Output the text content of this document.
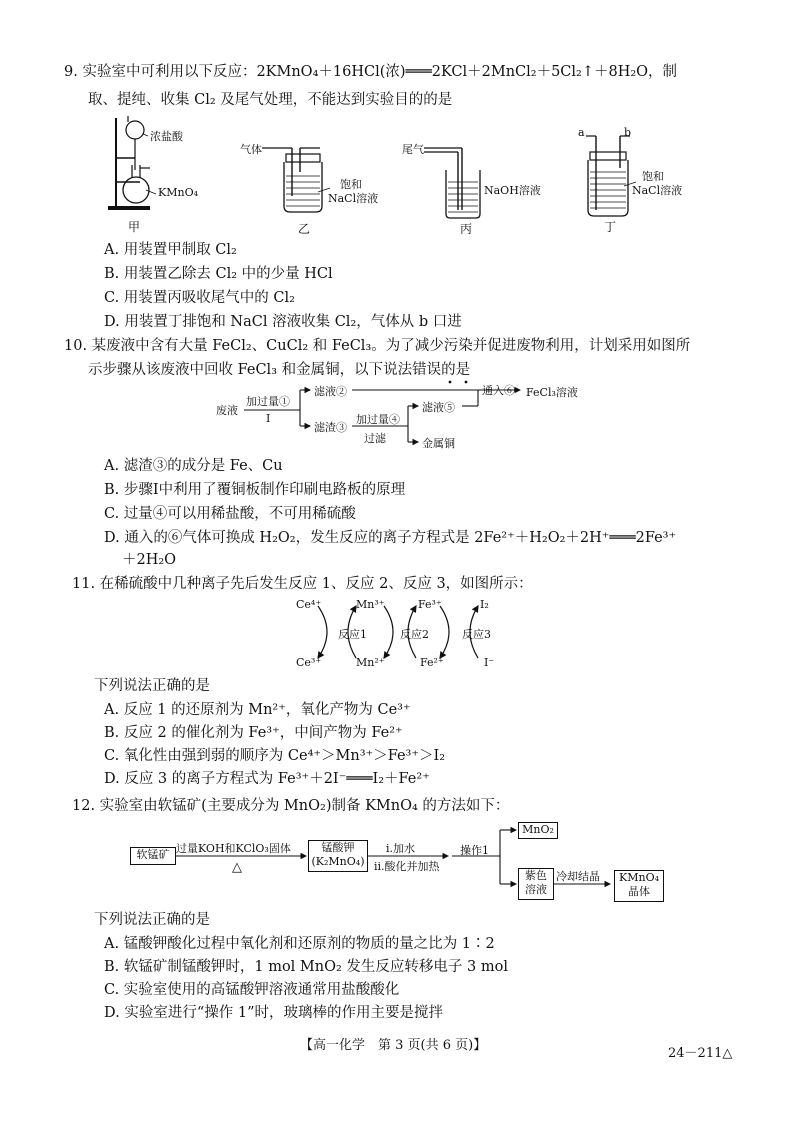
9. 实验室中可利用以下反应：2KMnO₄＋16HCl(浓)═══2KCl＋2MnCl₂＋5Cl₂↑＋8H₂O，制
取、提纯、收集 Cl₂ 及尾气处理，不能达到实验目的的是
浓盐酸
KMnO₄
甲
气体
饱和
NaCl溶液
乙
尾气
NaOH溶液
丙
a	b
饱和
NaCl溶液
丁
A. 用装置甲制取 Cl₂
B. 用装置乙除去 Cl₂ 中的少量 HCl
C. 用装置丙吸收尾气中的 Cl₂
D. 用装置丁排饱和 NaCl 溶液收集 Cl₂，气体从 b 口进
10. 某废液中含有大量 FeCl₂、CuCl₂ 和 FeCl₃。为了减少污染并促进废物利用，计划采用如图所
示步骤从该废液中回收 FeCl₃ 和金属铜，以下说法错误的是
废液
加过量①
Ⅰ
滤液②
滤渣③
加过量④
过滤
滤液⑤
金属铜
通入⑥ FeCl₃溶液
A. 滤渣③的成分是 Fe、Cu
B. 步骤Ⅰ中利用了覆铜板制作印刷电路板的原理
C. 过量④可以用稀盐酸，不可用稀硫酸
D. 通入的⑥气体可换成 H₂O₂，发生反应的离子方程式是 2Fe²⁺＋H₂O₂＋2H⁺═══2Fe³⁺
＋2H₂O
11. 在稀硫酸中几种离子先后发生反应 1、反应 2、反应 3，如图所示：
Ce⁴⁺
Ce³⁺
Mn³⁺
Mn²⁺
Fe³⁺
Fe²⁺
I₂
I⁻
反应1	反应2	反应3
下列说法正确的是
A. 反应 1 的还原剂为 Mn²⁺，氧化产物为 Ce³⁺
B. 反应 2 的催化剂为 Fe³⁺，中间产物为 Fe²⁺
C. 氧化性由强到弱的顺序为 Ce⁴⁺＞Mn³⁺＞Fe³⁺＞I₂
D. 反应 3 的离子方程式为 Fe³⁺＋2I⁻═══I₂＋Fe²⁺
12. 实验室由软锰矿(主要成分为 MnO₂)制备 KMnO₄ 的方法如下：
软锰矿 过量KOH和KClO₃固体
△
锰酸钾
(K₂MnO₄)
ⅰ.加水
ⅱ.酸化并加热
操作1
MnO₂
紫色
溶液
冷却结晶	KMnO₄
晶体
下列说法正确的是
A. 锰酸钾酸化过程中氧化剂和还原剂的物质的量之比为 1∶2
B. 软锰矿制锰酸钾时，1 mol MnO₂ 发生反应转移电子 3 mol
C. 实验室使用的高锰酸钾溶液通常用盐酸酸化
D. 实验室进行“操作 1”时，玻璃棒的作用主要是搅拌
【高一化学　第 3 页(共 6 页)】
24－211△
